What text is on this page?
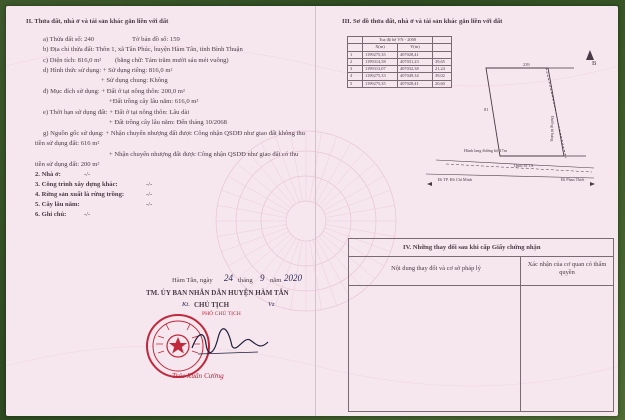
II. Thửa đất, nhà ở và tài sản khác gắn liền với đất
a) Thửa đất số: 240	Tờ bản đồ số: 159
b) Địa chỉ thửa đất: Thôn 1, xã Tân Phúc, huyện Hàm Tân, tỉnh Bình Thuận
c) Diện tích: 816,0 m² (bằng chữ: Tám trăm mười sáu mét vuông)
d) Hình thức sử dụng: + Sử dụng riêng: 816,0 m²
+ Sử dụng chung: Không
đ) Mục đích sử dụng: + Đất ở tại nông thôn: 200,0 m²
+Đất trồng cây lâu năm: 616,0 m²
e) Thời hạn sử dụng đất: + Đất ở tại nông thôn: Lâu dài
+ Đất trồng cây lâu năm: Đến tháng 10/2068
g) Nguồn gốc sử dụng: + Nhận chuyển nhượng đất được Công nhận QSDĐ như giao đất không thu
tiền sử dụng đất: 616 m²
+ Nhận chuyển nhượng đất được Công nhận QSDĐ như giao đất có thu
tiền sử dụng đất: 200 m²
2. Nhà ở:	-/-
3. Công trình xây dựng khác:	-/-
4. Rừng sản xuất là rừng trồng:	-/-
5. Cây lâu năm:	-/-
6. Ghi chú:	-/-
Hàm Tân, ngày 24 tháng 9 năm 2020
TM. ỦY BAN NHÂN DÂN HUYỆN HÀM TÂN
Kt. CHỦ TỊCH	Vz
PHÓ CHỦ TỊCH
Trác Xuân Cường
III. Sơ đồ thửa đất, nhà ở và tài sản khác gắn liền với đất
	Toạ độ hệ VN - 2000		
	X(m)	Y(m)	
1	1199275,35	407028,41	
2	1199314,58	407031,23	39,65
3	1199313,07	407032,38	21,24
4	1199275,33	407049,34	39,02
5	1199275,35	407028,41	20,60
B
239
81
Đường từ bảng
Hành lang đường bộ 17m
Quốc lộ 1A
Đi TP. Hồ Chí Minh	Đi Phan Thiết
IV. Những thay đổi sau khi cấp Giấy chứng nhận
Nội dung thay đổi và cơ sở pháp lý
Xác nhận của cơ quan có thẩm quyền
